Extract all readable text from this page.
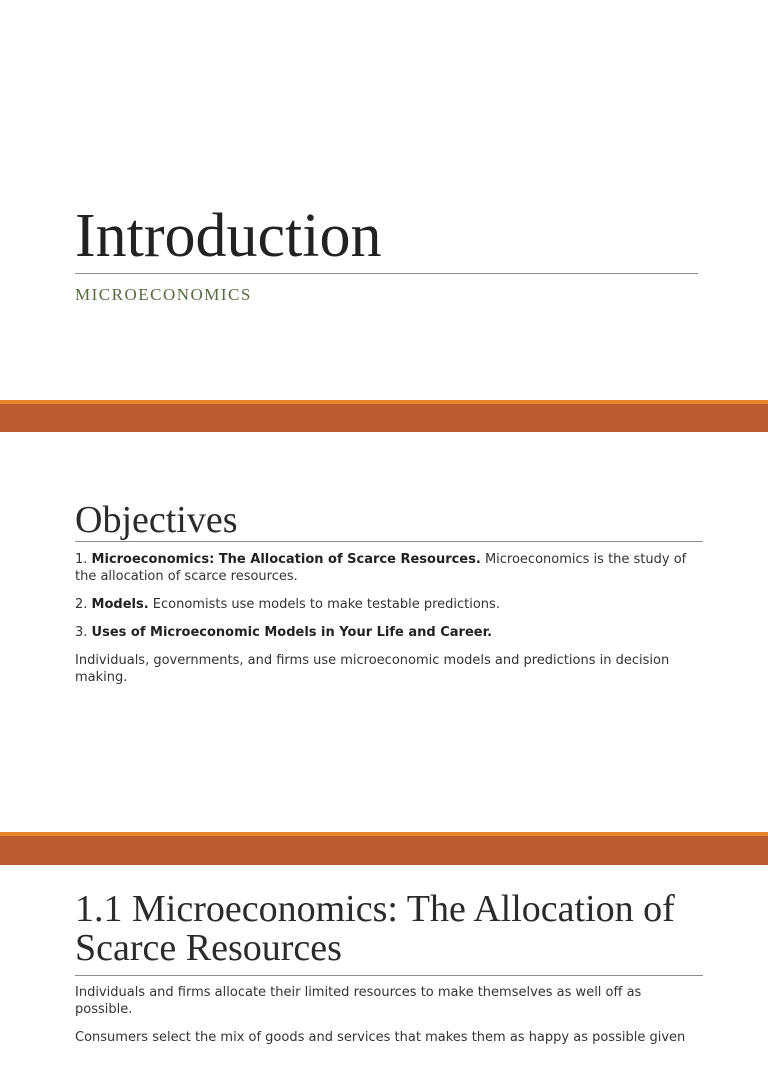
Introduction
MICROECONOMICS
Objectives

1. Microeconomics: The Allocation of Scarce Resources. Microeconomics is the study of the allocation of scarce resources.

2. Models. Economists use models to make testable predictions.

3. Uses of Microeconomic Models in Your Life and Career.

Individuals, governments, and firms use microeconomic models and predictions in decision making.

1.1 Microeconomics: The Allocation of Scarce Resources

Individuals and firms allocate their limited resources to make themselves as well off as possible.

Consumers select the mix of goods and services that makes them as happy as possible given
